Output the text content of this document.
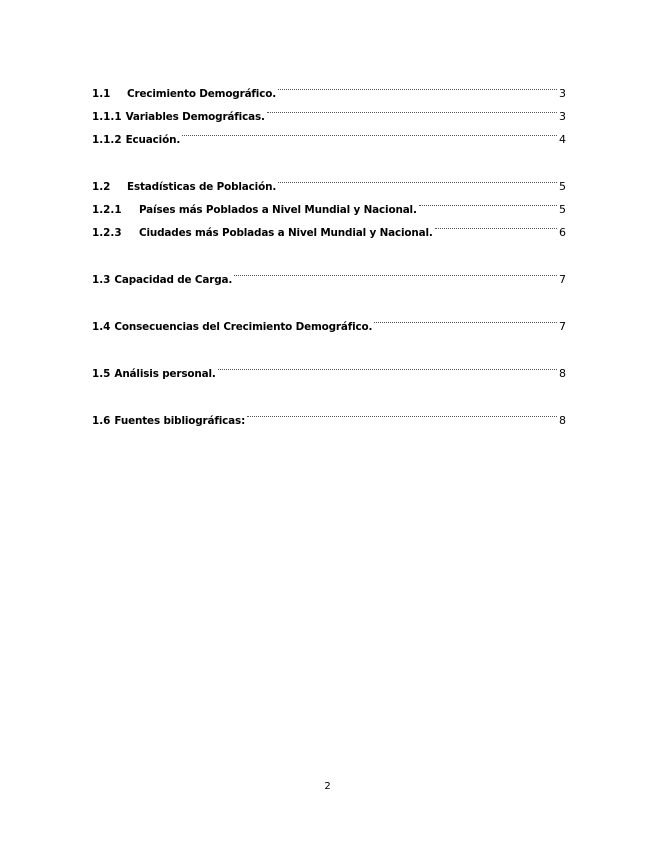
1.1	Crecimiento Demográfico.	3
1.1.1 Variables Demográficas.	3
1.1.2 Ecuación.	4
1.2	Estadísticas de Población.	5
1.2.1	Países más Poblados a Nivel Mundial y Nacional.	5
1.2.3	Ciudades más Pobladas a Nivel Mundial y Nacional.	6
1.3 Capacidad de Carga.	7
1.4 Consecuencias del Crecimiento Demográfico.	7
1.5 Análisis personal.	8
1.6 Fuentes bibliográficas:	8
2
